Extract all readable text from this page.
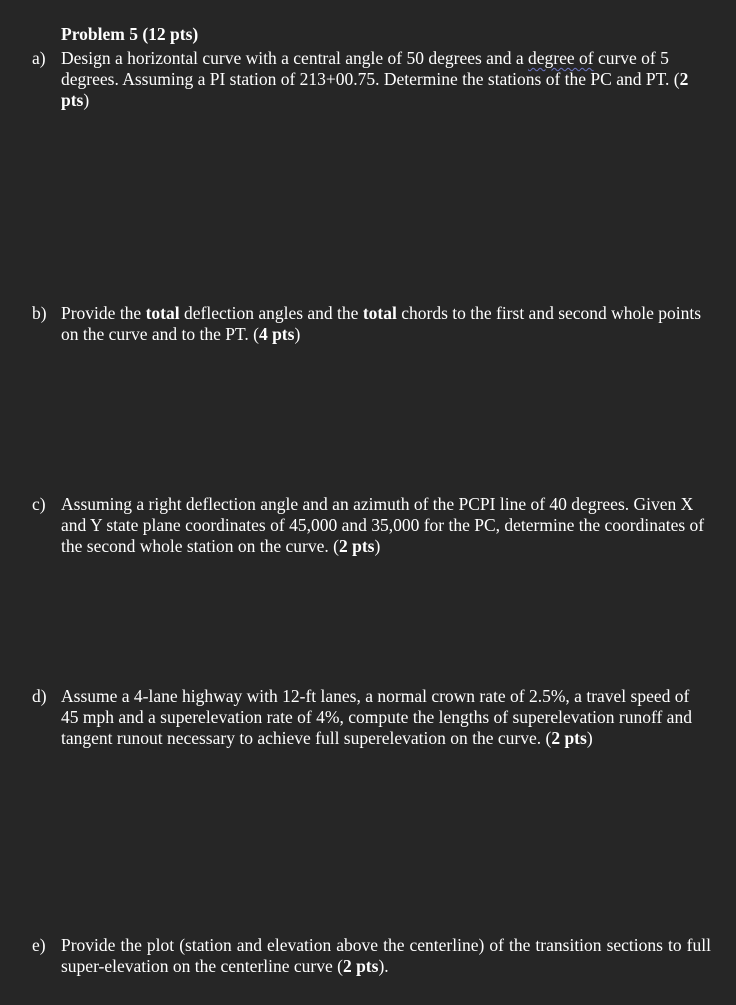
Problem 5 (12 pts)
a) Design a horizontal curve with a central angle of 50 degrees and a degree of curve of 5 degrees. Assuming a PI station of 213+00.75. Determine the stations of the PC and PT. (2 pts)
b) Provide the total deflection angles and the total chords to the first and second whole points on the curve and to the PT. (4 pts)
c) Assuming a right deflection angle and an azimuth of the PCPI line of 40 degrees. Given X and Y state plane coordinates of 45,000 and 35,000 for the PC, determine the coordinates of the second whole station on the curve. (2 pts)
d) Assume a 4-lane highway with 12-ft lanes, a normal crown rate of 2.5%, a travel speed of 45 mph and a superelevation rate of 4%, compute the lengths of superelevation runoff and tangent runout necessary to achieve full superelevation on the curve. (2 pts)
e) Provide the plot (station and elevation above the centerline) of the transition sections to full super-elevation on the centerline curve (2 pts).
